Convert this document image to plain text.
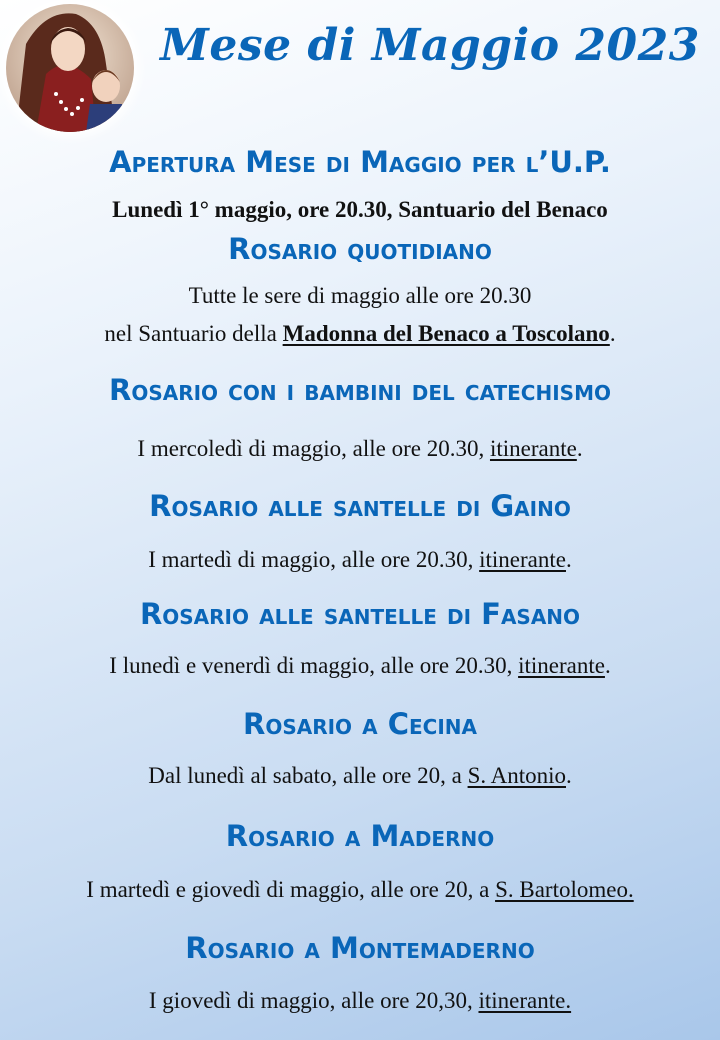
Mese di Maggio 2023
Apertura Mese di Maggio per l’U.P.

Lunedì 1° maggio, ore 20.30, Santuario del Benaco

Rosario quotidiano

Tutte le sere di maggio alle ore 20.30

nel Santuario della Madonna del Benaco a Toscolano.

Rosario con i bambini del catechismo

I mercoledì di maggio, alle ore 20.30, itinerante.

Rosario alle santelle di Gaino

I martedì di maggio, alle ore 20.30, itinerante.

Rosario alle santelle di Fasano

I lunedì e venerdì di maggio, alle ore 20.30, itinerante.

Rosario a Cecina

Dal lunedì al sabato, alle ore 20, a S. Antonio.

Rosario a Maderno

I martedì e giovedì di maggio, alle ore 20, a S. Bartolomeo.

Rosario a Montemaderno

I giovedì di maggio, alle ore 20,30, itinerante.
